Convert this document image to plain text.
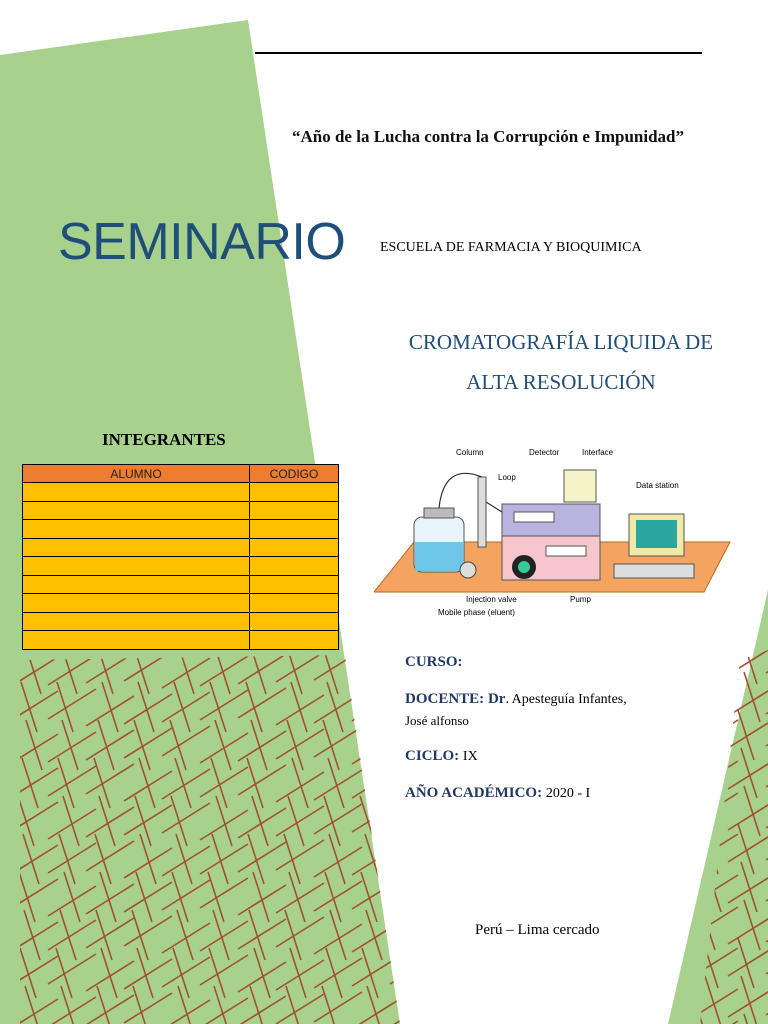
“Año de la Lucha contra la Corrupción e Impunidad”
SEMINARIO ESCUELA DE FARMACIA Y BIOQUIMICA
CROMATOGRAFÍA LIQUIDA DE
ALTA RESOLUCIÓN
INTEGRANTES
ALUMNO	CODIGO

Column	Detector	Interface
Loop
Data station
Injection valve	Pump
Mobile phase (eluent)
CURSO:
DOCENTE: Dr. Apesteguía Infantes,
José alfonso
CICLO: IX
AÑO ACADÉMICO: 2020 - I
Perú – Lima cercado
